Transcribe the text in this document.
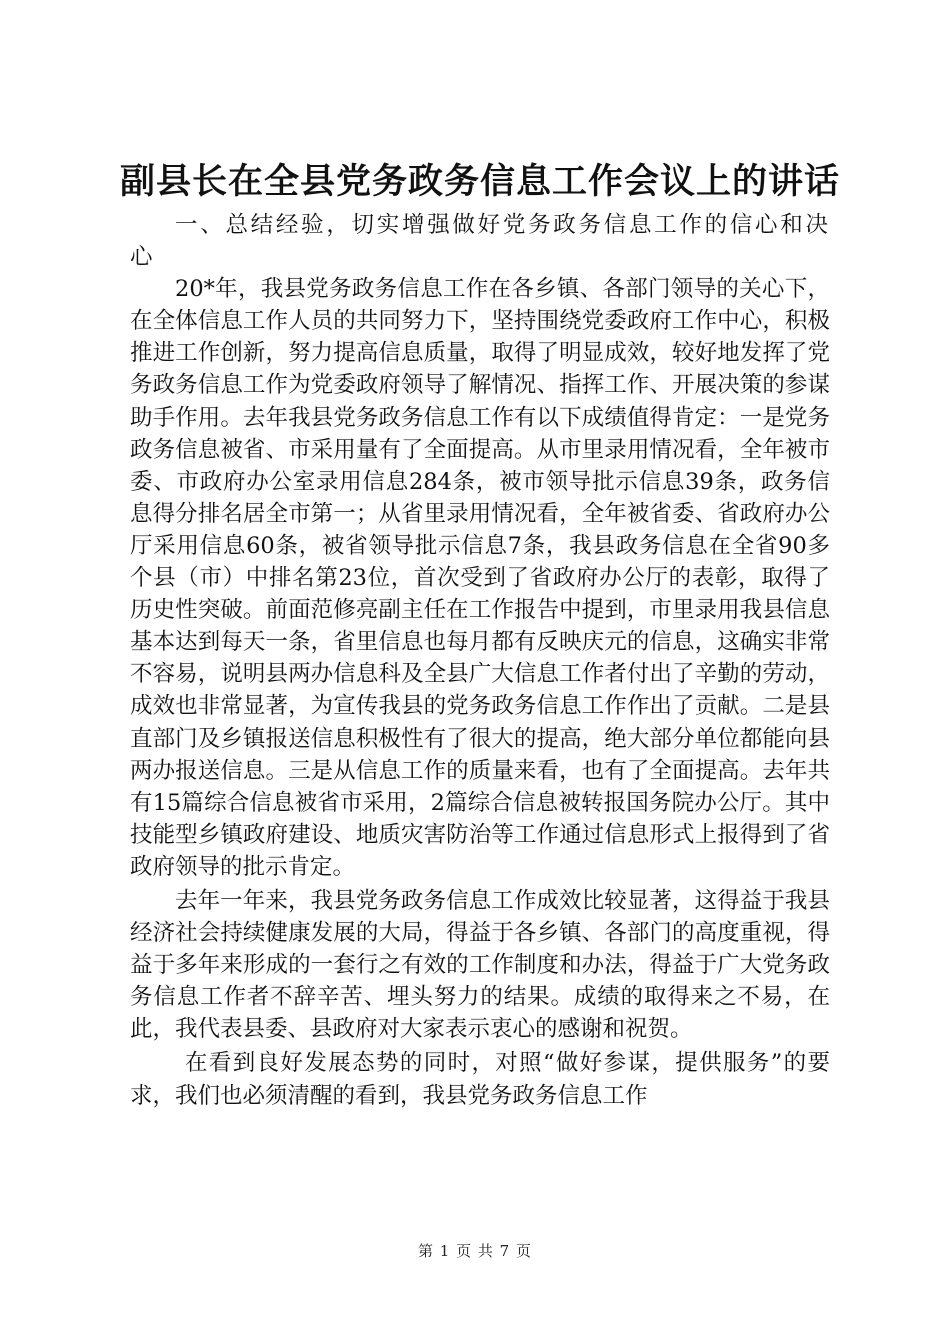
副县长在全县党务政务信息工作会议上的讲话

一、总结经验，切实增强做好党务政务信息工作的信心和决心

20*年，我县党务政务信息工作在各乡镇、各部门领导的关心下，在全体信息工作人员的共同努力下，坚持围绕党委政府工作中心，积极推进工作创新，努力提高信息质量，取得了明显成效，较好地发挥了党务政务信息工作为党委政府领导了解情况、指挥工作、开展决策的参谋助手作用。去年我县党务政务信息工作有以下成绩值得肯定：一是党务政务信息被省、市采用量有了全面提高。从市里录用情况看，全年被市委、市政府办公室录用信息284条，被市领导批示信息39条，政务信息得分排名居全市第一；从省里录用情况看，全年被省委、省政府办公厅采用信息60条，被省领导批示信息7条，我县政务信息在全省90多个县（市）中排名第23位，首次受到了省政府办公厅的表彰，取得了历史性突破。前面范修亮副主任在工作报告中提到，市里录用我县信息基本达到每天一条，省里信息也每月都有反映庆元的信息，这确实非常不容易，说明县两办信息科及全县广大信息工作者付出了辛勤的劳动，成效也非常显著，为宣传我县的党务政务信息工作作出了贡献。二是县直部门及乡镇报送信息积极性有了很大的提高，绝大部分单位都能向县两办报送信息。三是从信息工作的质量来看，也有了全面提高。去年共有15篇综合信息被省市采用，2篇综合信息被转报国务院办公厅。其中技能型乡镇政府建设、地质灾害防治等工作通过信息形式上报得到了省政府领导的批示肯定。

去年一年来，我县党务政务信息工作成效比较显著，这得益于我县经济社会持续健康发展的大局，得益于各乡镇、各部门的高度重视，得益于多年来形成的一套行之有效的工作制度和办法，得益于广大党务政务信息工作者不辞辛苦、埋头努力的结果。成绩的取得来之不易，在此，我代表县委、县政府对大家表示衷心的感谢和祝贺。

在看到良好发展态势的同时，对照“做好参谋，提供服务”的要求，我们也必须清醒的看到，我县党务政务信息工作

第 1 页 共 7 页
